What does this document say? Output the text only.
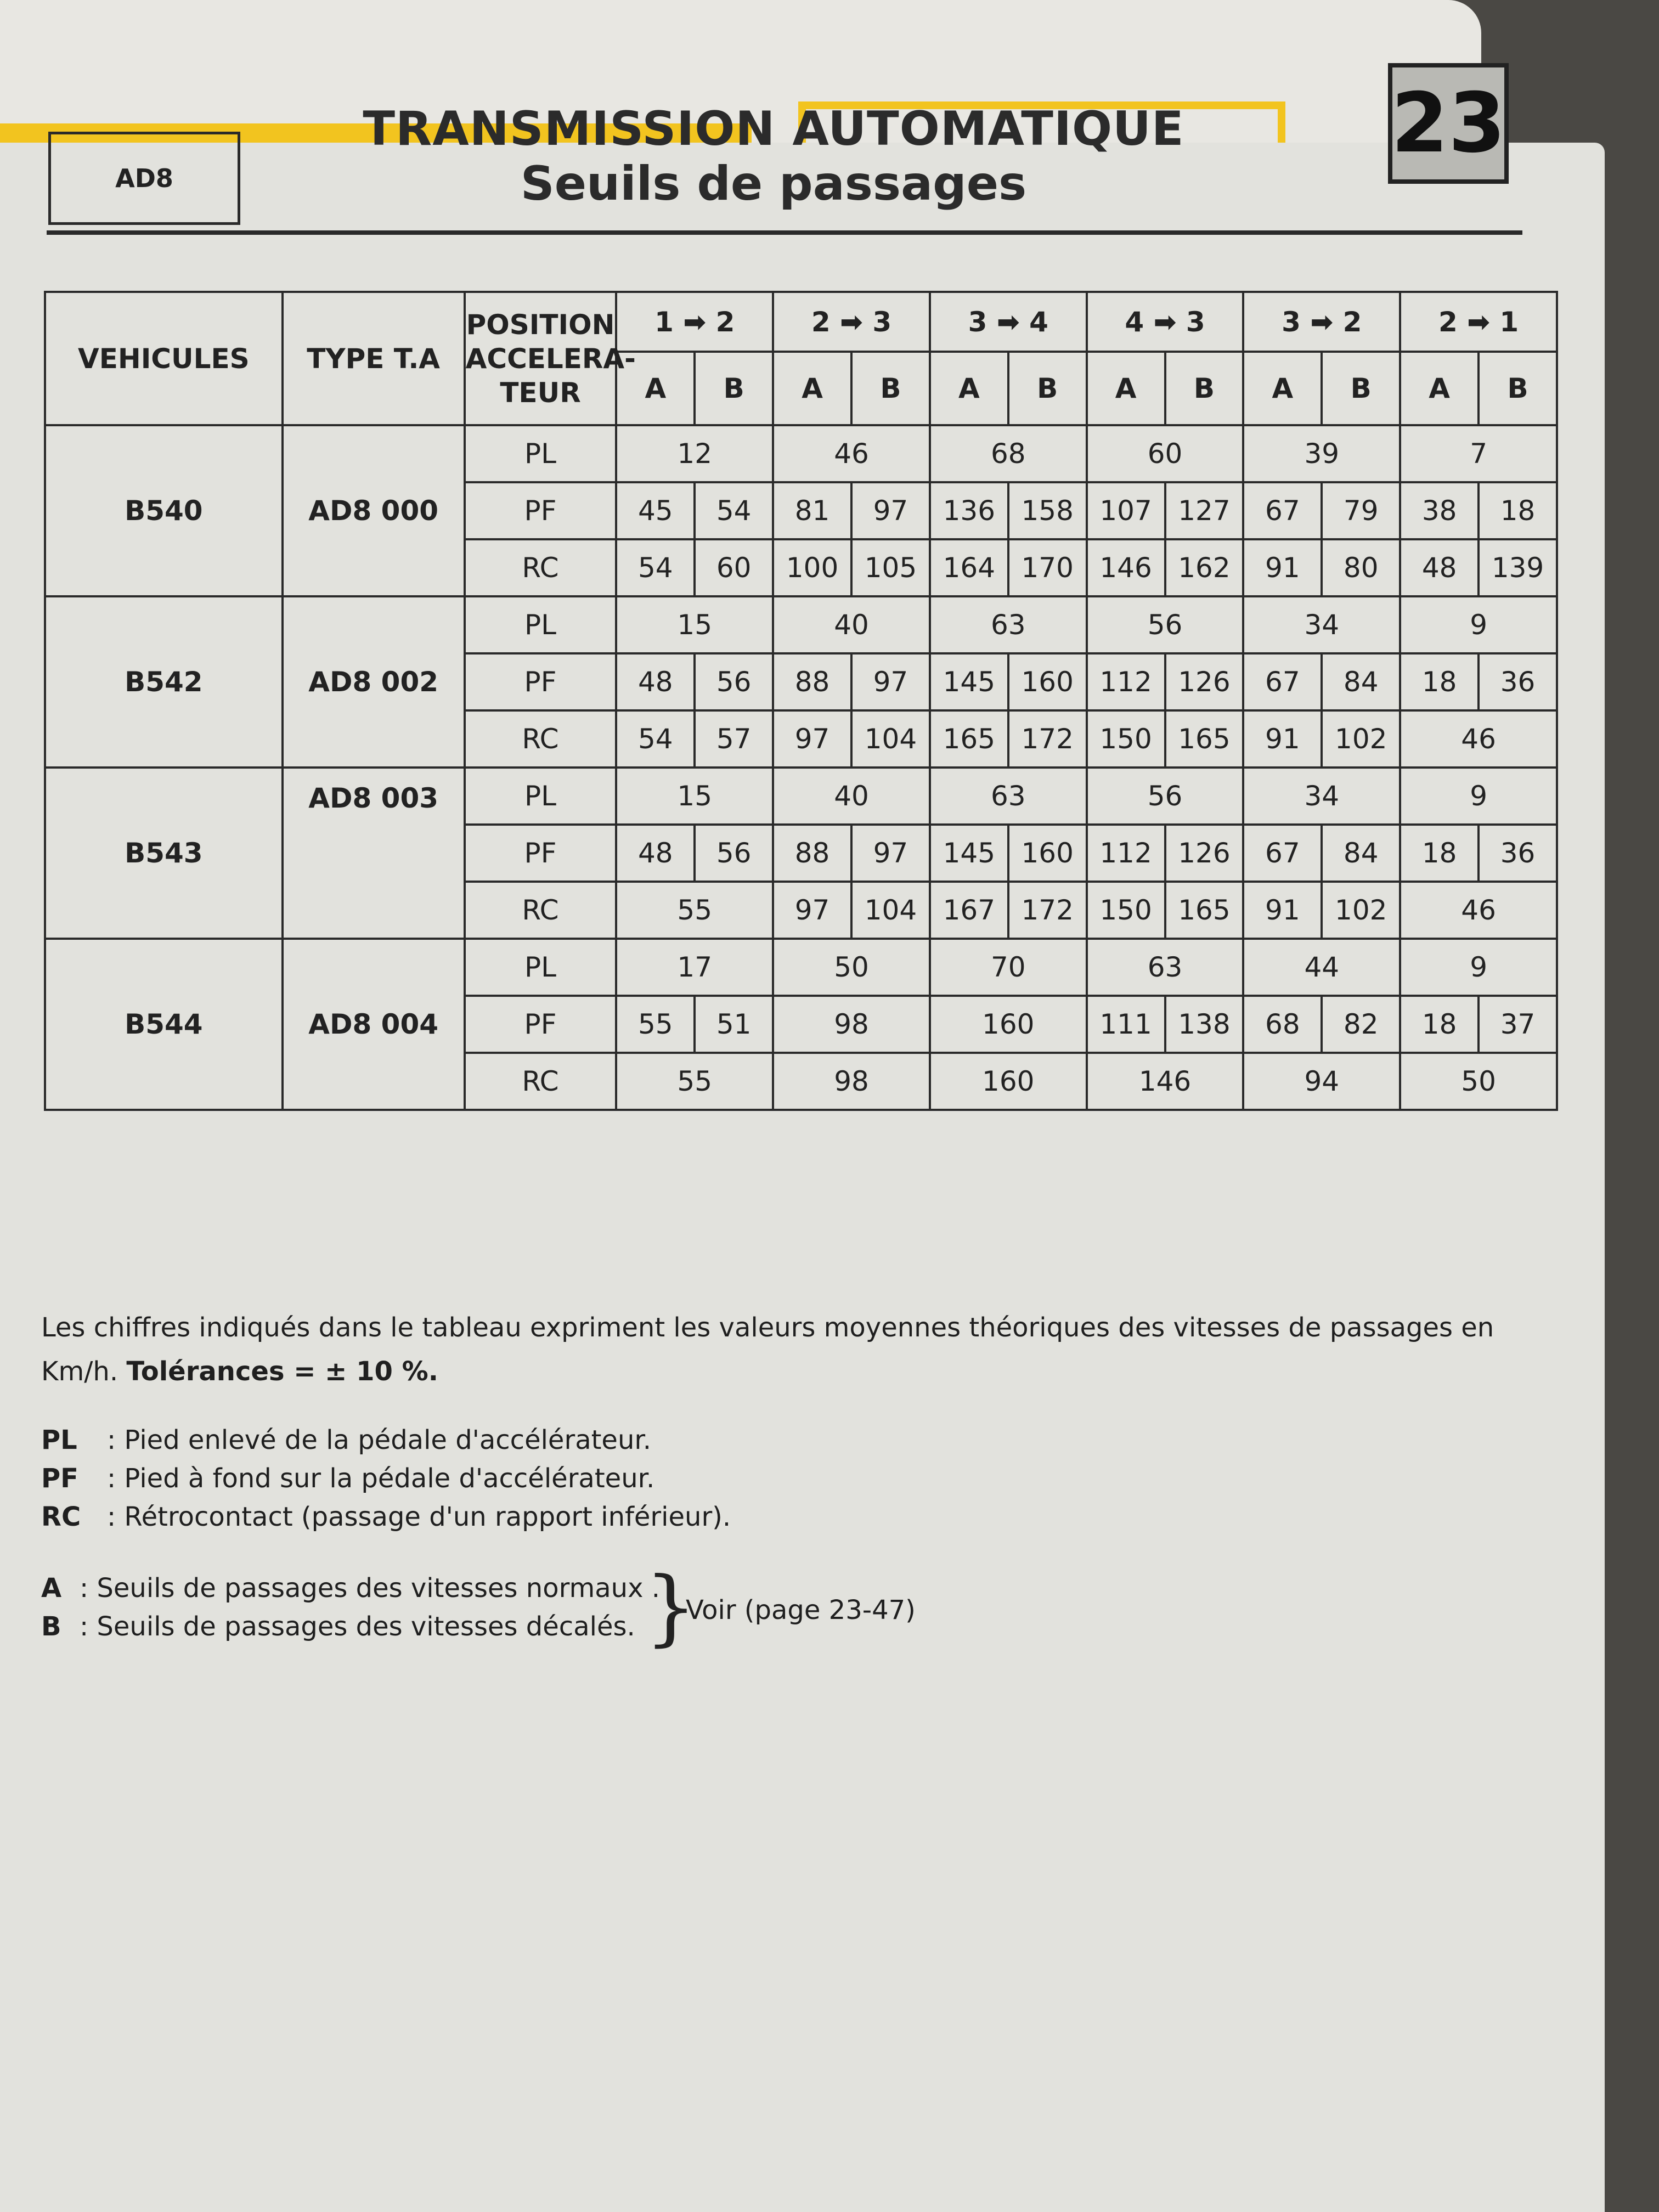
AD8
TRANSMISSION AUTOMATIQUE
Seuils de passages
23
VEHICULES	TYPE T.A	POSITION ACCELERA- TEUR	1 ➡ 2		2 ➡ 3		3 ➡ 4		4 ➡ 3		3 ➡ 2		2 ➡ 1	
			A	B	A	B	A	B	A	B	A	B	A	B
B540	AD8 000	PL	12		46		68		60		39		7	
		PF	45	54	81	97	136	158	107	127	67	79	38	18
		RC	54	60	100	105	164	170	146	162	91	80	48	139
B542	AD8 002	PL	15		40		63		56		34		9	
		PF	48	56	88	97	145	160	112	126	67	84	18	36
		RC	54	57	97	104	165	172	150	165	91	102	46	
B543	AD8 003	PL	15		40		63		56		34		9	
		PF	48	56	88	97	145	160	112	126	67	84	18	36
		RC	55		97	104	167	172	150	165	91	102	46	
B544	AD8 004	PL	17		50		70		63		44		9	
		PF	55	51	98		160		111	138	68	82	18	37
		RC	55		98		160		146		94		50	

Les chiffres indiqués dans le tableau expriment les valeurs moyennes théoriques des vitesses de passages en Km/h. Tolérances = ± 10 %.

PL : Pied enlevé de la pédale d'accélérateur.
PF : Pied à fond sur la pédale d'accélérateur.
RC : Rétrocontact (passage d'un rapport inférieur).
A : Seuils de passages des vitesses normaux .
B : Seuils de passages des vitesses décalés. }
Voir (page 23-47)
